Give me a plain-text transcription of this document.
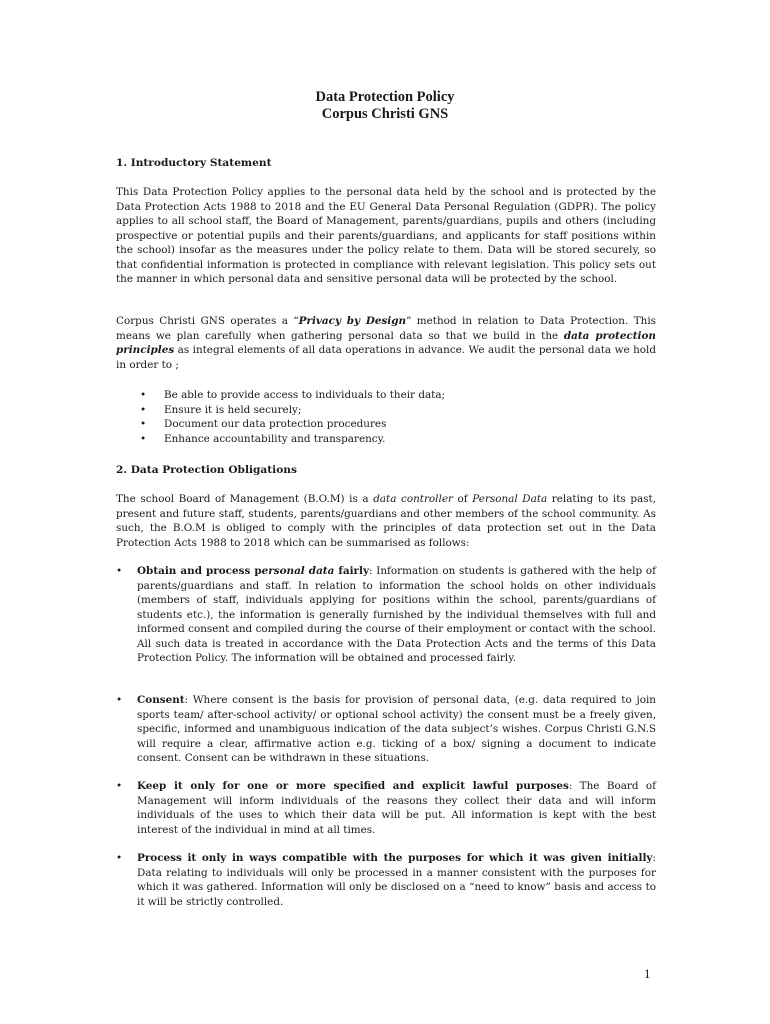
Data Protection Policy
Corpus Christi GNS
1. Introductory Statement
This Data Protection Policy applies to the personal data held by the school and is protected by the Data Protection Acts 1988 to 2018 and the EU General Data Personal Regulation (GDPR). The policy applies to all school staff, the Board of Management, parents/guardians, pupils and others (including prospective or potential pupils and their parents/guardians, and applicants for staff positions within the school) insofar as the measures under the policy relate to them. Data will be stored securely, so that confidential information is protected in compliance with relevant legislation. This policy sets out the manner in which personal data and sensitive personal data will be protected by the school.
Corpus Christi GNS operates a “Privacy by Design” method in relation to Data Protection. This means we plan carefully when gathering personal data so that we build in the data protection principles as integral elements of all data operations in advance. We audit the personal data we hold in order to ;
• Be able to provide access to individuals to their data;
• Ensure it is held securely;
• Document our data protection procedures
• Enhance accountability and transparency.
2. Data Protection Obligations
The school Board of Management (B.O.M) is a data controller of Personal Data relating to its past, present and future staff, students, parents/guardians and other members of the school community. As such, the B.O.M is obliged to comply with the principles of data protection set out in the Data Protection Acts 1988 to 2018 which can be summarised as follows:
• Obtain and process personal data fairly: Information on students is gathered with the help of parents/guardians and staff. In relation to information the school holds on other individuals (members of staff, individuals applying for positions within the school, parents/guardians of students etc.), the information is generally furnished by the individual themselves with full and informed consent and compiled during the course of their employment or contact with the school. All such data is treated in accordance with the Data Protection Acts and the terms of this Data Protection Policy. The information will be obtained and processed fairly.
• Consent: Where consent is the basis for provision of personal data, (e.g. data required to join sports team/ after-school activity/ or optional school activity) the consent must be a freely given, specific, informed and unambiguous indication of the data subject’s wishes. Corpus Christi G.N.S will require a clear, affirmative action e.g. ticking of a box/ signing a document to indicate consent. Consent can be withdrawn in these situations.
• Keep it only for one or more specified and explicit lawful purposes: The Board of Management will inform individuals of the reasons they collect their data and will inform individuals of the uses to which their data will be put. All information is kept with the best interest of the individual in mind at all times.
• Process it only in ways compatible with the purposes for which it was given initially: Data relating to individuals will only be processed in a manner consistent with the purposes for which it was gathered. Information will only be disclosed on a “need to know” basis and access to it will be strictly controlled.
1
